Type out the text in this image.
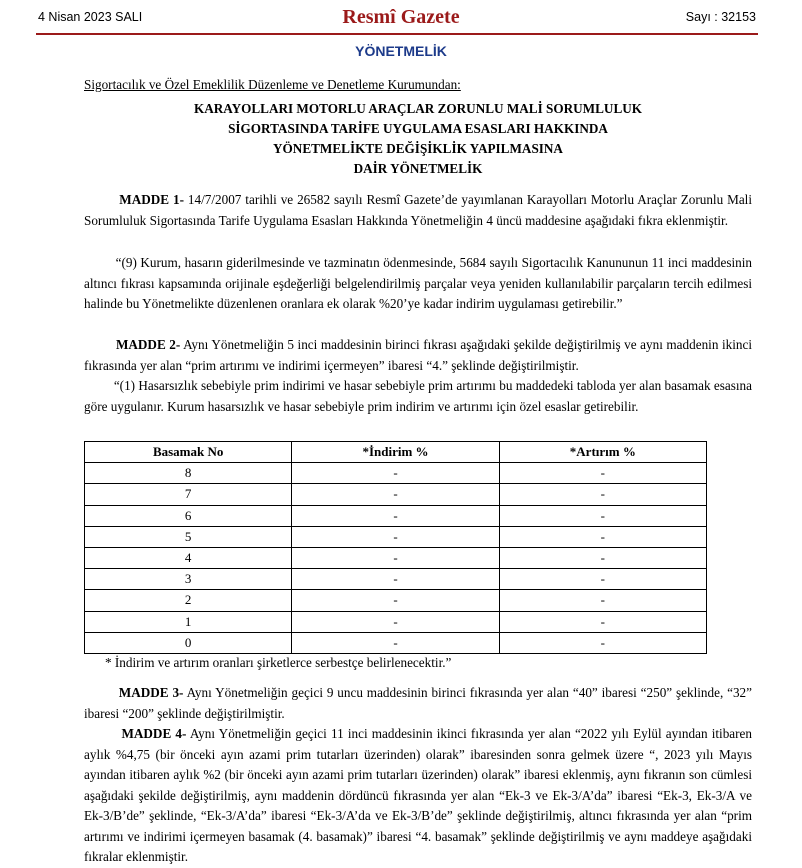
4 Nisan 2023 SALI	Resmî Gazete	Sayı : 32153
YÖNETMELİK
Sigortacılık ve Özel Emeklilik Düzenleme ve Denetleme Kurumundan:
KARAYOLLARI MOTORLU ARAÇLAR ZORUNLU MALİ SORUMLULUK
SİGORTASINDA TARİFE UYGULAMA ESASLARI HAKKINDA
YÖNETMELİKTE DEĞİŞİKLİK YAPILMASINA
DAİR YÖNETMELİK
MADDE 1- 14/7/2007 tarihli ve 26582 sayılı Resmî Gazete’de yayımlanan Karayolları Motorlu Araçlar Zorunlu Mali Sorumluluk Sigortasında Tarife Uygulama Esasları Hakkında Yönetmeliğin 4 üncü maddesine aşağıdaki fıkra eklenmiştir.
“(9) Kurum, hasarın giderilmesinde ve tazminatın ödenmesinde, 5684 sayılı Sigortacılık Kanununun 11 inci maddesinin altıncı fıkrası kapsamında orijinale eşdeğerliği belgelendirilmiş parçalar veya yeniden kullanılabilir parçaların tercih edilmesi halinde bu Yönetmelikte düzenlenen oranlara ek olarak %20’ye kadar indirim uygulaması getirebilir.”
MADDE 2- Aynı Yönetmeliğin 5 inci maddesinin birinci fıkrası aşağıdaki şekilde değiştirilmiş ve aynı maddenin ikinci fıkrasında yer alan “prim artırımı ve indirimi içermeyen” ibaresi “4.” şeklinde değiştirilmiştir.
“(1) Hasarsızlık sebebiyle prim indirimi ve hasar sebebiyle prim artırımı bu maddedeki tabloda yer alan basamak esasına göre uygulanır. Kurum hasarsızlık ve hasar sebebiyle prim indirim ve artırımı için özel esaslar getirebilir.
Basamak No	*İndirim %	*Artırım %
8	-	-
7	-	-
6	-	-
5	-	-
4	-	-
3	-	-
2	-	-
1	-	-
0	-	-
* İndirim ve artırım oranları şirketlerce serbestçe belirlenecektir.”
MADDE 3- Aynı Yönetmeliğin geçici 9 uncu maddesinin birinci fıkrasında yer alan “40” ibaresi “250” şeklinde, “32” ibaresi “200” şeklinde değiştirilmiştir.
MADDE 4- Aynı Yönetmeliğin geçici 11 inci maddesinin ikinci fıkrasında yer alan “2022 yılı Eylül ayından itibaren aylık %4,75 (bir önceki ayın azami prim tutarları üzerinden) olarak” ibaresinden sonra gelmek üzere “, 2023 yılı Mayıs ayından itibaren aylık %2 (bir önceki ayın azami prim tutarları üzerinden) olarak” ibaresi eklenmiş, aynı fıkranın son cümlesi aşağıdaki şekilde değiştirilmiş, aynı maddenin dördüncü fıkrasında yer alan “Ek-3 ve Ek-3/A’da” ibaresi “Ek-3, Ek-3/A ve Ek-3/B’de” şeklinde, “Ek-3/A’da” ibaresi “Ek-3/A’da ve Ek-3/B’de” şeklinde değiştirilmiş, altıncı fıkrasında yer alan “prim artırımı ve indirimi içermeyen basamak (4. basamak)” ibaresi “4. basamak” şeklinde değiştirilmiş ve aynı maddeye aşağıdaki fıkralar eklenmiştir.
